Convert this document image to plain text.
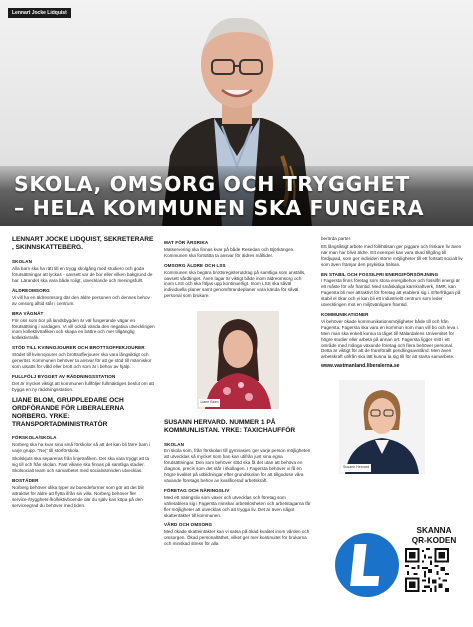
Lennart Jocke Lidquist
SKOLA, OMSORG OCH TRYGGHET
– HELA KOMMUNEN SKA FUNGERA
LENNART JOCKE LIDQUIST, SEKRETERARE , SKINNSKATTEBERG.
SKOLAN
Alla barn ska ha rätt till en trygg skolgång med studiero och goda förutsättningar att lyckas - oavsett var de bor eller vilken bakgrund de har. Lärandet ska vara både roligt, utvecklande och meningsfullt.
ÄLDREOMSORG
Vi vill ha en äldreomsorg där den äldre personen och dennes behov av omsorg alltid står i centrum.
BRA VÅGNÄT
För oss som bor på landsbygden är väl fungerande vägar en förutsättning i vardagen. Vi vill också vända den negativa utvecklingen inom kollektivtrafiken och skapa en bättre och mer tillgänglig kollektivtrafik.
STÖD TILL KVINNOJOURER OCH BROTTSOFFERJOURER
Stödet till kvinnojourer och brottsofferjourer ska vara långsiktigt och generöst. Kommunen behöver ta ansvar för att ge stöd till människor som utsatts för våld eller brott och som är i behov av hjälp.
FULLFÖLJ BYGGET AV RÄDDNINGSSTATION
Det är mycket viktigt att kommunen fullföljer fullmäktiges beslut om att bygga en ny räddningsstation.
LIANE BLOM, GRUPPLEDARE OCH ORDFÖRANDE FÖR LIBERALERNA NORBERG. YRKE: TRANSPORTADMINISTRATÖR
FÖRSKOLA/SKOLA
Norberg ska ha kvar sina små förskolor så att det kan bli färre barn i varje grupp. "Nej" till storförskola.
Skolskjuts ska separeras från linjetrafiken. Det ska vara tryggt att ta sig till och från skolan. Fast vikarie ska finnas på samtliga stadier. Skolsocialt team och samarbetet med socialnämnden utvecklas.
BOSTÄDER
Norberg behöver olika typer av boendeformer som gör att det blir attraktivt för äldre att flytta ifrån sin villa. Norberg behöver fler service-/trygghets-/kollektivboende där du själv kan köpa på den serviceegrad du behöver med tiden.
MAT FÖR ÄRSRIKA
Matservering ska finnas kvar på både Resedan och Björkängen. Kommunen ska fortsätta ta ansvar för äldres måltider.
OMSORG ÄLDRE OCH LSS
Kommunen ska begära brottsregisterutdrag på samtliga som anställs, oavsett vårdtinget. Även lagar är viktigt både inom äldreomsorg och inom LSS och ska följas upp kontinuerligt. Inom LSS ska såväl individuella planer samt genomförandeplaner vara kända för såväl personal som brukare.
Liane Blom
SUSANN HERVARD. NUMMER 1 PÅ KOMMUNLISTAN. YRKE: TAXICHAUFFÖR
SKOLAN
En skola som, från förskolan till gymnasiet, ger varje person möjligheten att utvecklas så mycket som han kan utifrån just sina egna förutsättningar. Den som behöver stöd ska få det utan att behöva en diagnos, precis som det står i skollagen. I Fagersta behöver vi få en högre kvalitet på utbildningar efter grundskolan för att tillgodose våra växande företags behov av kvalificerad arbetskraft.
FÖRETAG OCH NÄRINGSLIV
Med ett näringsliv som växer och utvecklas och företag som välretablera sig i Fagersta minskar arbetslösheten och arbetstagarna får fler möjligheter att utvecklas och att trygga liv. Det är även något skattentäkter till kommunen.
VÅRD OCH OMSORG
Med ökade skatteintäkter kan vi satsa på ökad kvalitet inom vården och omsorgen. Ökad personaltäthet, vilket ger mer kontinuitet för brukarna och minskad stress för alla
berörda parter.
Ett långsiktigt arbete med folkhälsan ger piggare och friskare liv även när man har blivit äldre. Ett exempel kan vara ökad tillgång till fördjupad, som ger individen större möjligheter till ett fortsatt socialt liv som även främjar den psykiska hälsan.
EN STABIL OCH FOSSILFRI ENERGIFÖRSÖRJNING
I Fagersta finns företag som stora energibehov och fossilfri energi är ett måste för vår framtid. Med småskaliga kärnkraftverk, SMR, kan Fagersta bli mer attraktivt för företag att etablera sig i. Efterfrågan på stabil el ökar och vi kan bli ett industrieltt centrum som leder utvecklingen mot en miljövänligare framtid.
KOMMUNIKATIONER
Vi behöver ökade kommunikationsmöjligheter både till och från Fagersta. Fagersta ska vara en kommun som man vill bo och leva i. Men man ska enkelt kunna ta tåget till Mälardalens Universitet för högre studier eller arbeta på annan ort. Fagersta ligger mitt i ett område med många växande företag och flera behöver personal. Detta är viktigt för att de framförallt pendlingsavstånd. Men även arbetskraft utifrån ska lätt kunna ta sig till för att starta samarbete.
www.vastmanland.liberalerna.se
Susann Hervard
SKANNA
QR-KODEN
